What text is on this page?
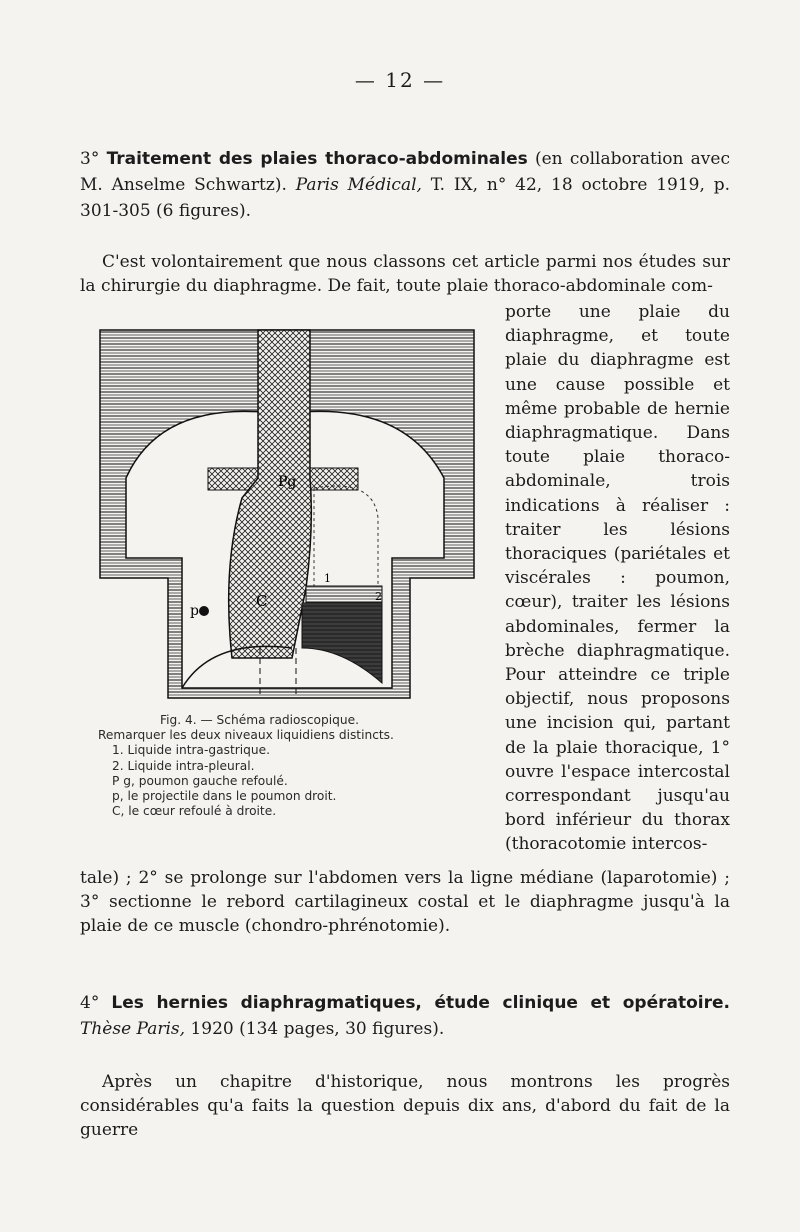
— 12 —
3° Traitement des plaies thoraco-abdominales (en collaboration avec M. Anselme Schwartz). Paris Médical, T. IX, n° 42, 18 octobre 1919, p. 301-305 (6 figures).

C'est volontairement que nous classons cet article parmi nos études sur la chirurgie du diaphragme. De fait, toute plaie thoraco-abdominale com-

porte une plaie du diaphragme, et toute plaie du diaphragme est une cause possible et même probable de hernie diaphragmatique. Dans toute plaie thoraco-abdominale, trois indications à réaliser : traiter les lésions thoraciques (pariétales et viscérales : poumon, cœur), traiter les lésions abdominales, fermer la brèche diaphragmatique. Pour atteindre ce triple objectif, nous proposons une incision qui, partant de la plaie thoracique, 1° ouvre l'espace intercostal correspondant jusqu'au bord inférieur du thorax (thoracotomie intercos-

Pg
p
C
1
2
Fig. 4. — Schéma radioscopique.
Remarquer les deux niveaux liquidiens distincts.
1. Liquide intra-gastrique.
2. Liquide intra-pleural.
P g, poumon gauche refoulé.
p, le projectile dans le poumon droit.
C, le cœur refoulé à droite.

tale) ; 2° se prolonge sur l'abdomen vers la ligne médiane (laparotomie) ; 3° sectionne le rebord cartilagineux costal et le diaphragme jusqu'à la plaie de ce muscle (chondro-phrénotomie).

4° Les hernies diaphragmatiques, étude clinique et opératoire. Thèse Paris, 1920 (134 pages, 30 figures).

Après un chapitre d'historique, nous montrons les progrès considérables qu'a faits la question depuis dix ans, d'abord du fait de la guerre
